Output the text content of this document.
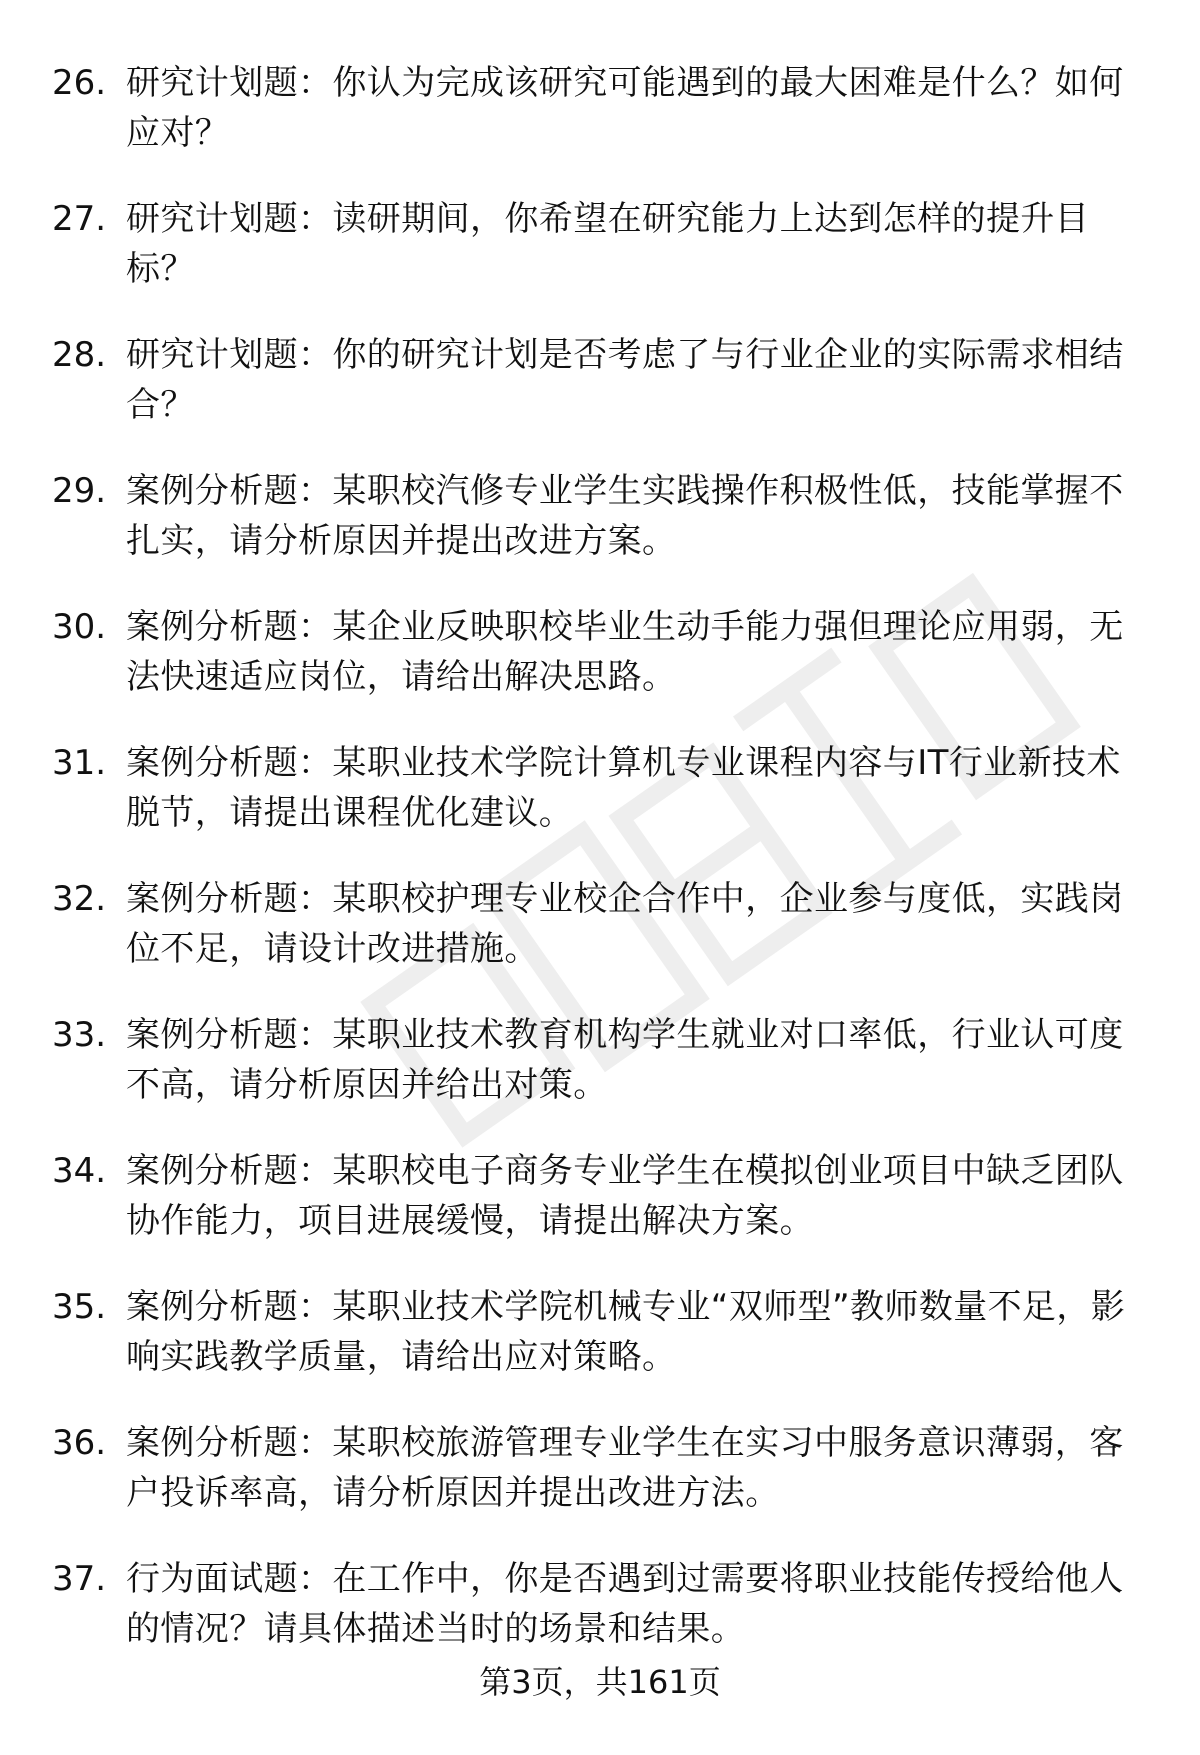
26. 研究计划题：你认为完成该研究可能遇到的最大困难是什么？如何应对？
27. 研究计划题：读研期间，你希望在研究能力上达到怎样的提升目标？
28. 研究计划题：你的研究计划是否考虑了与行业企业的实际需求相结合？
29. 案例分析题：某职校汽修专业学生实践操作积极性低，技能掌握不扎实，请分析原因并提出改进方案。
30. 案例分析题：某企业反映职校毕业生动手能力强但理论应用弱，无法快速适应岗位，请给出解决思路。
31. 案例分析题：某职业技术学院计算机专业课程内容与IT行业新技术脱节，请提出课程优化建议。
32. 案例分析题：某职校护理专业校企合作中，企业参与度低，实践岗位不足，请设计改进措施。
33. 案例分析题：某职业技术教育机构学生就业对口率低，行业认可度不高，请分析原因并给出对策。
34. 案例分析题：某职校电子商务专业学生在模拟创业项目中缺乏团队协作能力，项目进展缓慢，请提出解决方案。
35. 案例分析题：某职业技术学院机械专业“双师型”教师数量不足，影响实践教学质量，请给出应对策略。
36. 案例分析题：某职校旅游管理专业学生在实习中服务意识薄弱，客户投诉率高，请分析原因并提出改进方法。
37. 行为面试题：在工作中，你是否遇到过需要将职业技能传授给他人的情况？请具体描述当时的场景和结果。
第3页，共161页
